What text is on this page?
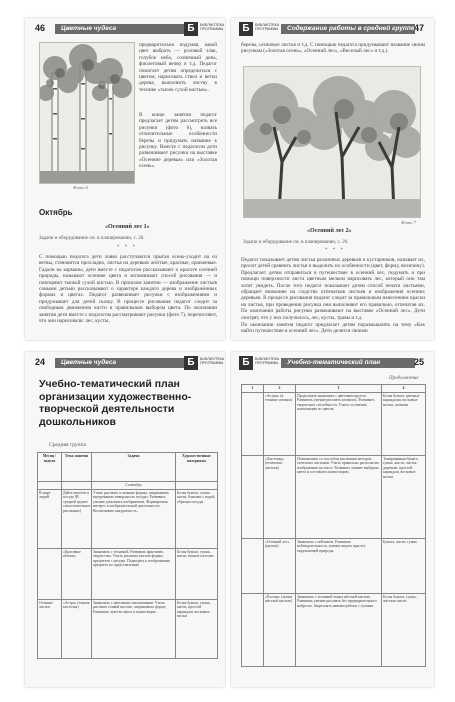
46	Цветные чудеса	Б	БИБЛИОТЕКА ПРОГРАММЫ
Фото 6
предварительно подумав, какой цвет выбрать — розовый злак, голубое небо, солнечный день, фиолетовый вечер и т.д. Педагог помогает детям определиться с цветом, нарисовать ствол и ветки дерева, выполнить листву в технике «тычок сухой кистью».
В конце занятия педагог предлагает детям рассмотреть все рисунки (фото 6), назвать отличительные особенности березы и придумать название к рисунку. Вместе с педагогом дети развешивают рисунки на выставке «Осенние деревья» или «Золотая осень».
Октябрь
«Осенний лес 1»
Задачи и оборудование см. в планировании, с. 26.
* * *
С помощью педагога дети ловко расступаются прыгая осень-уходит на из ветвы, становится прохладно, листья на деревьях жёлтые, красные, оранжевые. Гадали на карманы, дети вместе с педагогом рассказывают о красоте осенней природы, называют осенние цвета и вспоминают способ рисования — и повторяют тычкой сухой кистью. В прошлом занятии — изображение листьев самыми детьми рассказывают о характере каждого дерева и изображённых формах и цветах. Педагог развешивает рисунки с изображениями и придумывает для детей сказку. В процессе рисования педагог следит за свободным движением кисти и правильным выбором цвета. По окончании занятия дети вместе с педагогом рассматривают рисунки (фото 7), перечисляют, что они нарисовали: лес, кусты,
Б	БИБЛИОТЕКА ПРОГРАММЫ	Содержание работы в средней группе 47
березы, осиновое листья и т.д. С помощью педагога придумывают название своим рисункам («Золотая осень», «Осенний лес», «Веселый лес» и т.д.).
Фото 7
«Осенний лес 2»
Задачи и оборудование см. в планировании, с. 26.
* * *
Педагог показывает детям листья различных деревьев и кустарников, называет их, просит детей сравнить листья и выделить их особенности (цвет, форму, величину). Предлагает детям отправиться в путешествие в осенний лес, подумать и при помощи поверхности листа цветным мелком нарисовать лес, который они там хотят увидеть. После того педагог показывает детям способ печати листьями, обращает внимание на сходство отпечатков листьев и изображения осенних деревьев. В процессе рисования педагог следит за правильным нанесением краски на листья, при проведении рисунка они выполняют его правильно, отпечатав их. По окончании работы рисунки развешивают на выставке «Осенний лес». Дети смотрят, что у них получилось, лес, кусты, травы и т.д.
По окончании занятия педагог предлагает детям поразмышлять на тему «Как найти путешествие в осенний лес». Дети делятся своими
24	Цветные чудеса	Б	БИБЛИОТЕКА ПРОГРАММЫ
Учебно-тематический план организации художественно-творческой деятельности дошкольников
Средняя группа
Месяц / неделя	Тема занятия	Задачи	Художественные материалы
		Сентябрь	
В мире людей	Дайте аппетит к посуде (В средней группе самостоятельное рисование)	Учить рисовать основные формы, закрашивать внутреннюю поверхность посуды. Развивать умение дополнять изображение. Формировать интерес к изобразительной деятельности. Воспитывать аккуратность.	Белая бумага, гуашь, кисти, баночки с водой, образцы посуды
	«Красивые яблоки»	Знакомить с техникой. Развивать фантазию, творчество. Учить рисовать кистью формы предметов с натуры. Подводить к изображению предмета по представлению.	Белая бумага, гуашь, кисти, ватные палочки
Осенние листья	«Астра» (тонкая кисточка)	Знакомить с цветными отношениями. Учить рисовать тонкой кистью, закрашивать форму. Развивать чувство цвета и композиции.	Белая бумага, гуашь, кисти, простой карандаш, восковые мелки
Б	БИБЛИОТЕКА ПРОГРАММЫ	Учебно-тематический план	25
Продолжение
1	2	3	4
	«Астры» (в технике штампа)	Продолжать знакомить с цветовым кругом. Развивать умение рисовать штампом. Развивать творческие способности. Учить составлять композицию из цветов.	Белая бумага, цветные карандаши, восковые мелки, штампы
	«Листопад» (отпечатки листьев)	Познакомить со способом рисования методом отпечатка листьями. Учить правильно располагать изображение на листе. Развивать умение выбирать цвета и составлять композицию.	Тонированная бумага, гуашь, кисти, листья деревьев, простой карандаш, восковые мелки
	«Осенний лес» (краски)	Знакомить с пейзажем. Развивать наблюдательность, умение видеть красоту окружающей природы.	Бумага, кисти, гуашь
	«Ёлочка» (тычок жёсткой кистью)	Знакомить с техникой тычка жёсткой кистью. Развивать умение рисовать без предварительного наброска. Закреплять навыки работы с гуашью.	Белая бумага, гуашь, жёсткие кисти
